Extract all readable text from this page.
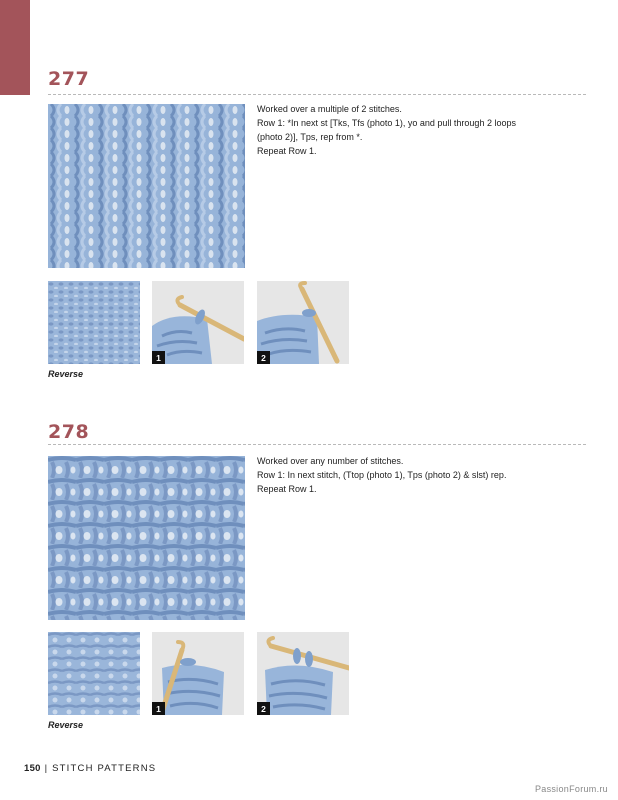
277

Worked over a multiple of 2 stitches.

Row 1: *In next st [Tks, Tfs (photo 1), yo and pull through 2 loops (photo 2)], Tps, rep from *.

Repeat Row 1.

1	2
Reverse
278

Worked over any number of stitches.

Row 1: In next stitch, (Ttop (photo 1), Tps (photo 2) & slst) rep.

Repeat Row 1.

1	2
Reverse
150 | STITCH PATTERNS
PassionForum.ru
